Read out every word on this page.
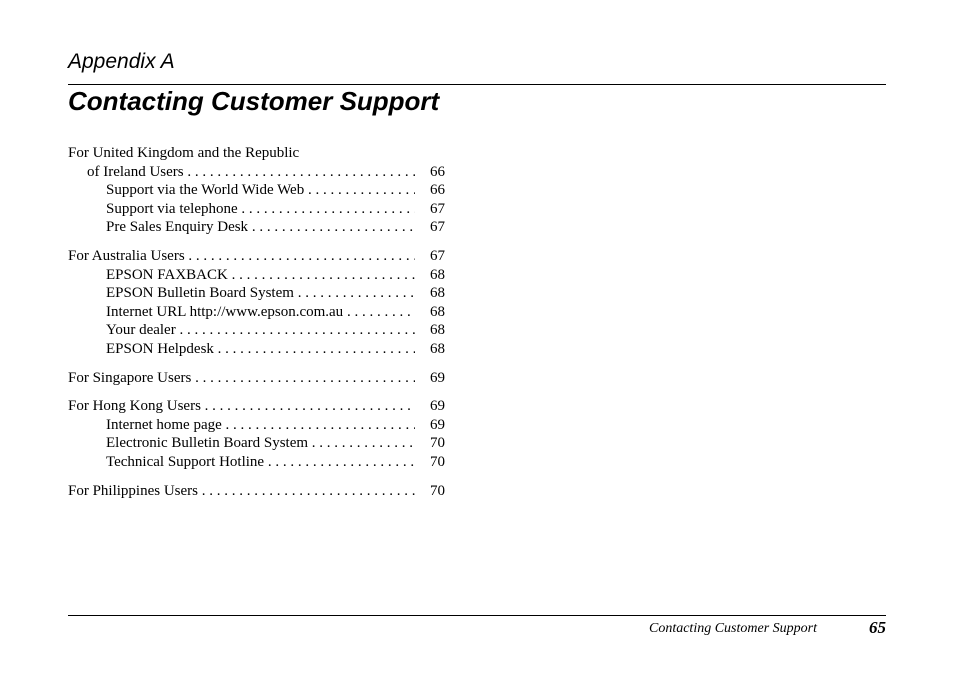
Appendix A
Contacting Customer Support
For United Kingdom and the Republic
of Ireland Users . . .	66
Support via the World Wide Web . . .	66
Support via telephone . . .	67
Pre Sales Enquiry Desk . . .	67
For Australia Users . . .	67
EPSON FAXBACK . . .	68
EPSON Bulletin Board System . . .	68
Internet URL http://www.epson.com.au . . .	68
Your dealer . . .	68
EPSON Helpdesk . . .	68
For Singapore Users . . .	69
For Hong Kong Users . . .	69
Internet home page . . .	69
Electronic Bulletin Board System . . .	70
Technical Support Hotline . . .	70
For Philippines Users . . .	70
Contacting Customer Support	65
